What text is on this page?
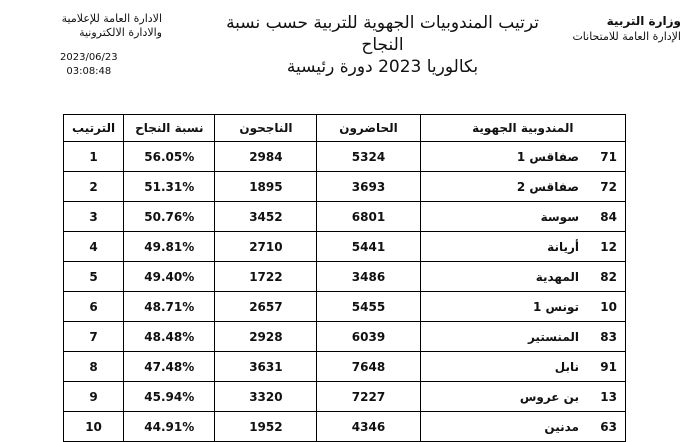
وزارة التربية
الإدارة العامة للامتحانات
الادارة العامة للإعلامية
والادارة الالكترونية
2023/06/23
03:08:48
ترتيب المندوبيات الجهوية للتربية حسب نسبة النجاح
بكالوريا 2023 دورة رئيسية
المندوبية الجهوية	الحاضرون	الناجحون	نسبة النجاح	الترتيب
71صفاقس 1	5324	2984	56.05%	1
72صفاقس 2	3693	1895	51.31%	2
84سوسة	6801	3452	50.76%	3
12أريانة	5441	2710	49.81%	4
82المهدية	3486	1722	49.40%	5
10تونس 1	5455	2657	48.71%	6
83المنستير	6039	2928	48.48%	7
91نابل	7648	3631	47.48%	8
13بن عروس	7227	3320	45.94%	9
63مدنين	4346	1952	44.91%	10
